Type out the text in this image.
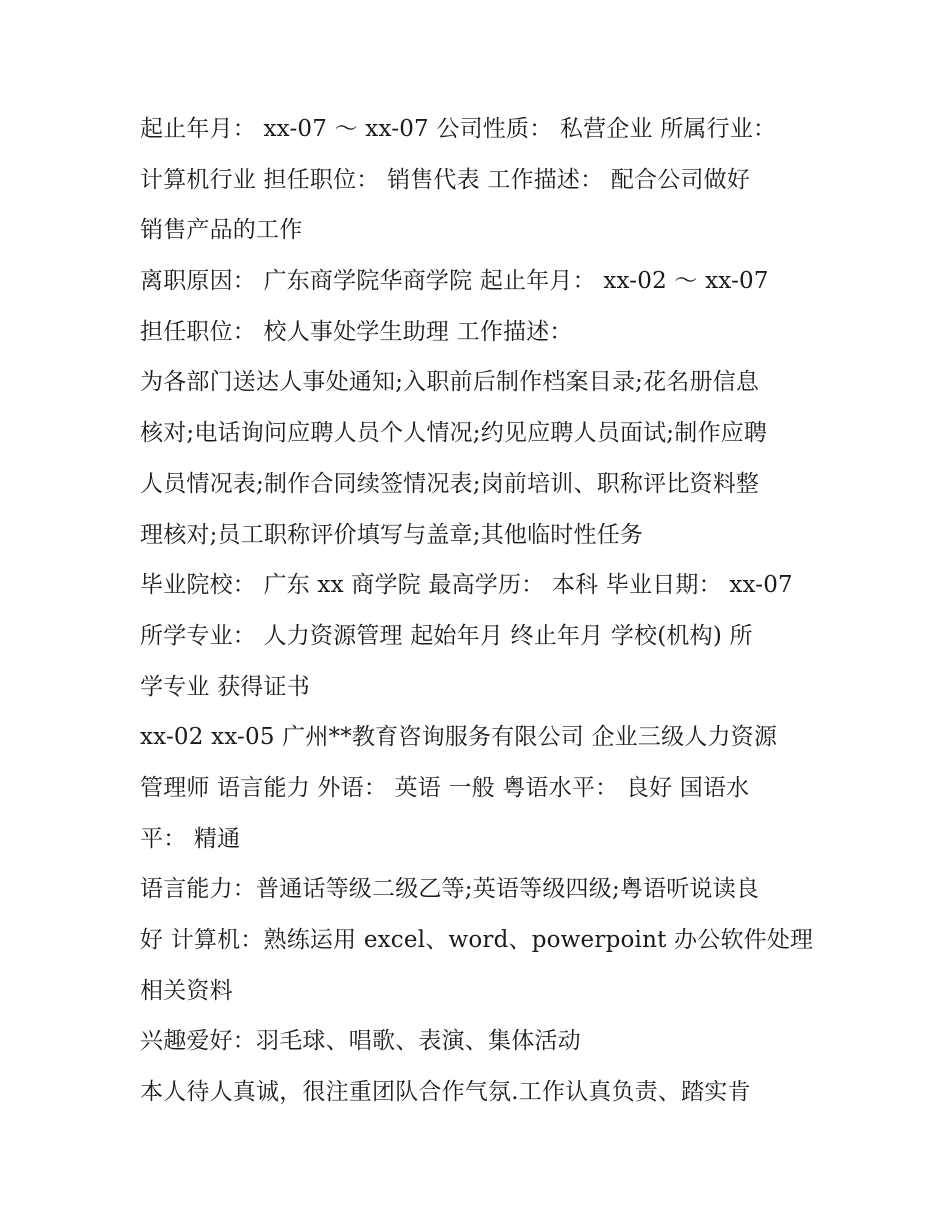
起止年月： xx-07 ～ xx-07 公司性质： 私营企业 所属行业：
计算机行业 担任职位： 销售代表 工作描述： 配合公司做好
销售产品的工作
离职原因： 广东商学院华商学院 起止年月： xx-02 ～ xx-07
担任职位： 校人事处学生助理 工作描述：
为各部门送达人事处通知;入职前后制作档案目录;花名册信息
核对;电话询问应聘人员个人情况;约见应聘人员面试;制作应聘
人员情况表;制作合同续签情况表;岗前培训、职称评比资料整
理核对;员工职称评价填写与盖章;其他临时性任务
毕业院校： 广东 xx 商学院 最高学历： 本科 毕业日期： xx-07
所学专业： 人力资源管理 起始年月 终止年月 学校(机构) 所
学专业 获得证书
xx-02 xx-05 广州**教育咨询服务有限公司 企业三级人力资源
管理师 语言能力 外语： 英语 一般 粤语水平： 良好 国语水
平： 精通
语言能力：普通话等级二级乙等;英语等级四级;粤语听说读良
好 计算机：熟练运用 excel、word、powerpoint 办公软件处理
相关资料
兴趣爱好：羽毛球、唱歌、表演、集体活动
本人待人真诚，很注重团队合作气氛.工作认真负责、踏实肯
